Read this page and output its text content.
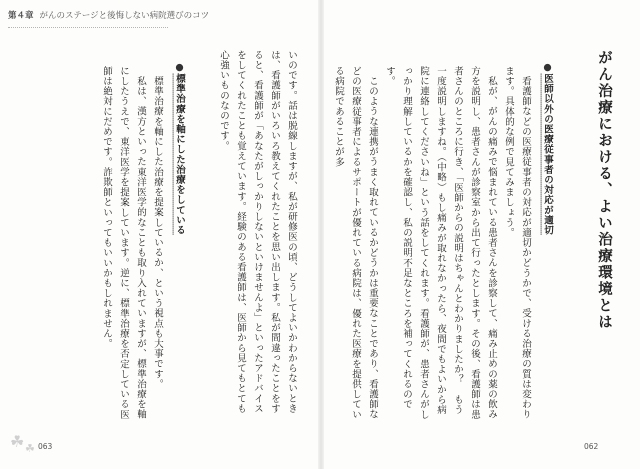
第４章 がんのステージと後悔しない病院選びのコツ
がん治療における、よい治療環境とは
●医師以外の医療従事者の対応が適切

看護師などの医療従事者の対応が適切かどうかで、受ける治療の質は変わります。具体的な例で見てみましょう。

私が、がんの痛みで悩まれている患者さんを診察して、痛み止めの薬の飲み方を説明し、患者さんが診察室から出て行ったとします。その後、看護師は患者さんのところに行き、「医師からの説明はちゃんとわかりましたか？　もう一度説明しますね。（中略）もし痛みが取れなかったら、夜間でもよいから病院に連絡してくださいね」という話をしてくれます。看護師が、患者さんがしっかり理解しているかを確認し、私の説明不足なところを補ってくれるのです。

このような連携がうまく取れているかどうかは重要なことであり、看護師などの医療従事者によるサポートが優れている病院は、優れた医療を提供している病院であることが多

062

いのです。話は脱線しますが、私が研修医の頃、どうしてよいかわからないときは、看護師がいろいろ教えてくれたことを思い出します。私が間違ったことをすると、看護師が「あなたがしっかりしないといけませんよ」といったアドバイスをしてくれたことも覚えています。経験のある看護師は、医師から見てもとても心強いものなのです。

●標準治療を軸にした治療をしている

標準治療を軸にした治療を提案しているか、という視点も大事です。

私は、漢方といった東洋医学的なことも取り入れていますが、標準治療を軸にしたうえで、東洋医学を提案しています。逆に、標準治療を否定している医師は絶対にだめです。詐欺師といってもいいかもしれません。

063
☘ ☘
